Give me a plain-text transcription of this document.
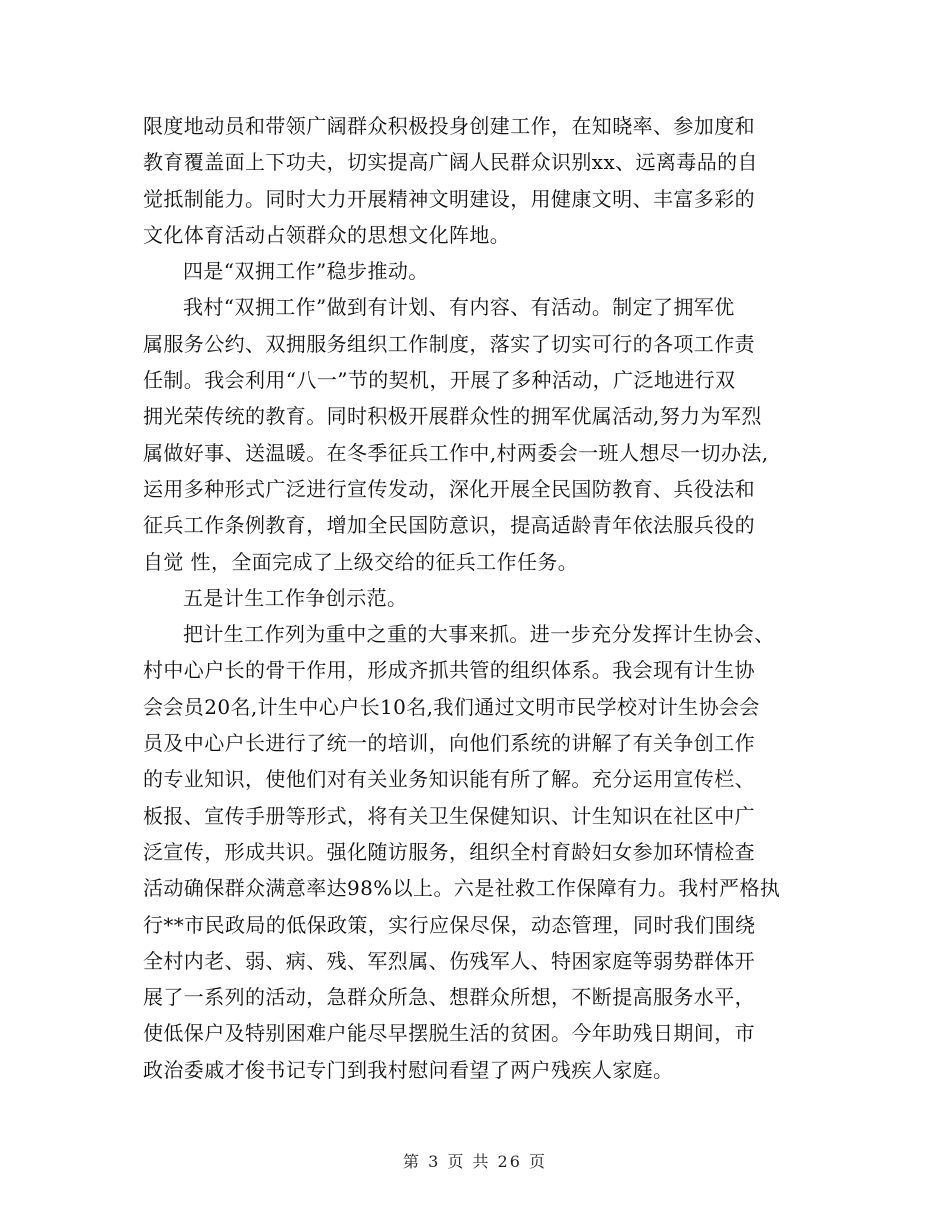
限度地动员和带领广阔群众积极投身创建工作，在知晓率、参加度和
教育覆盖面上下功夫，切实提高广阔人民群众识别xx、远离毒品的自
觉抵制能力。同时大力开展精神文明建设，用健康文明、丰富多彩的
文化体育活动占领群众的思想文化阵地。
四是“双拥工作”稳步推动。
我村“双拥工作”做到有计划、有内容、有活动。制定了拥军优
属服务公约、双拥服务组织工作制度，落实了切实可行的各项工作责
任制。我会利用“八一”节的契机，开展了多种活动，广泛地进行双
拥光荣传统的教育。同时积极开展群众性的拥军优属活动,努力为军烈
属做好事、送温暖。在冬季征兵工作中,村两委会一班人想尽一切办法,
运用多种形式广泛进行宣传发动，深化开展全民国防教育、兵役法和
征兵工作条例教育，增加全民国防意识，提高适龄青年依法服兵役的
自觉 性，全面完成了上级交给的征兵工作任务。
五是计生工作争创示范。
把计生工作列为重中之重的大事来抓。进一步充分发挥计生协会、
村中心户长的骨干作用，形成齐抓共管的组织体系。我会现有计生协
会会员20名,计生中心户长10名,我们通过文明市民学校对计生协会会
员及中心户长进行了统一的培训，向他们系统的讲解了有关争创工作
的专业知识，使他们对有关业务知识能有所了解。充分运用宣传栏、
板报、宣传手册等形式，将有关卫生保健知识、计生知识在社区中广
泛宣传，形成共识。强化随访服务，组织全村育龄妇女参加环情检查
活动确保群众满意率达98%以上。六是社救工作保障有力。我村严格执
行**市民政局的低保政策，实行应保尽保，动态管理，同时我们围绕
全村内老、弱、病、残、军烈属、伤残军人、特困家庭等弱势群体开
展了一系列的活动，急群众所急、想群众所想，不断提高服务水平，
使低保户及特别困难户能尽早摆脱生活的贫困。今年助残日期间，市
政治委戚才俊书记专门到我村慰问看望了两户残疾人家庭。
第 3 页 共 26 页
